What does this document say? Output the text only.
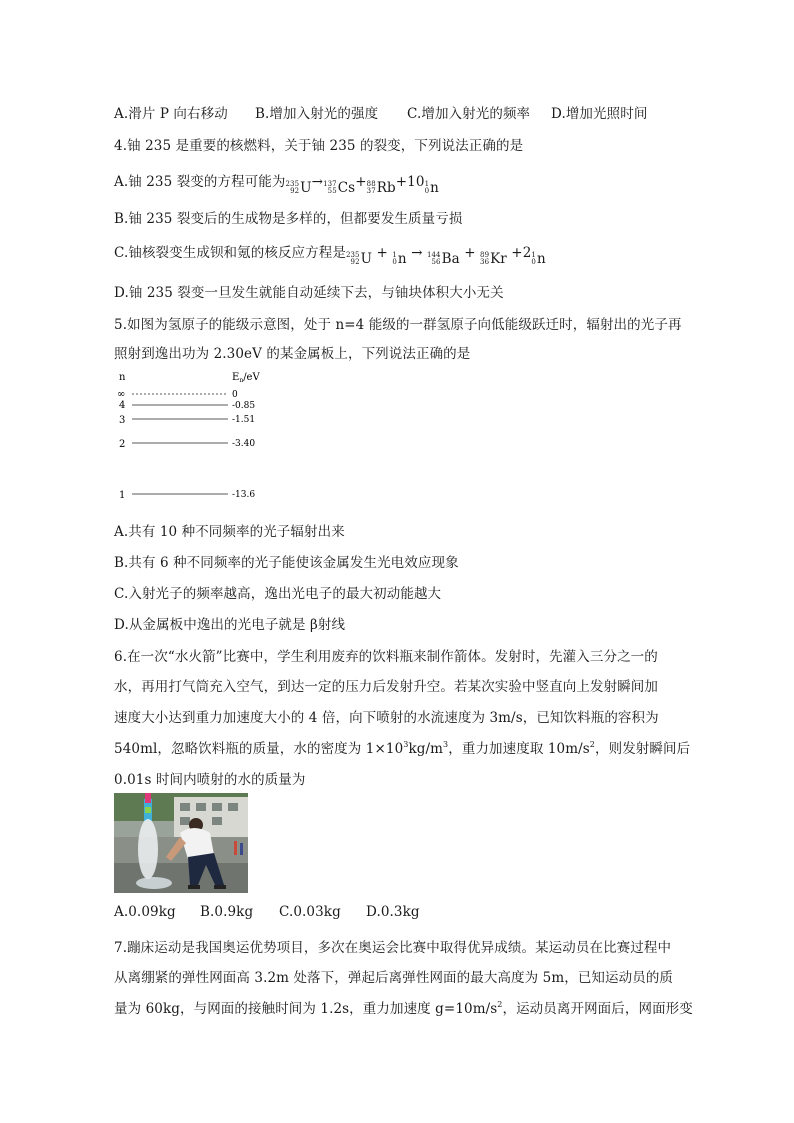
A.滑片 P 向右移动 B.增加入射光的强度 C.增加入射光的频率 D.增加光照时间
4.铀 235 是重要的核燃料，关于铀 235 的裂变，下列说法正确的是
A.铀 235 裂变的方程可能为 235
92 U → 137
55 Cs + 88
37 Rb +10 1
0 n
B.铀 235 裂变后的生成物是多样的，但都要发生质量亏损
C.铀核裂变生成钡和氪的核反应方程是 235
92 U + 1
0 n → 144
56 Ba + 89
36 Kr +2 1
0 n
D.铀 235 裂变一旦发生就能自动延续下去，与铀块体积大小无关
5.如图为氢原子的能级示意图，处于 n=4 能级的一群氢原子向低能级跃迁时，辐射出的光子再
照射到逸出功为 2.30eV 的某金属板上，下列说法正确的是
n	$E_n/eV$
∞	0
4	-0.85
3	-1.51
2	-3.40
1	-13.6
A.共有 10 种不同频率的光子辐射出来
B.共有 6 种不同频率的光子能使该金属发生光电效应现象
C.入射光子的频率越高，逸出光电子的最大初动能越大
D.从金属板中逸出的光电子就是 β射线
6.在一次“水火箭”比赛中，学生利用废弃的饮料瓶来制作箭体。发射时，先灌入三分之一的
水，再用打气筒充入空气，到达一定的压力后发射升空。若某次实验中竖直向上发射瞬间加
速度大小达到重力加速度大小的 4 倍，向下喷射的水流速度为 3m/s，已知饮料瓶的容积为
540ml，忽略饮料瓶的质量，水的密度为 $1\times 10^3kg/m^3$，重力加速度取 $10m/s^2$，则发射瞬间后
0.01s 时间内喷射的水的质量为
A.0.09kg B.0.9kg C.0.03kg D.0.3kg
7.蹦床运动是我国奥运优势项目，多次在奥运会比赛中取得优异成绩。某运动员在比赛过程中
从离绷紧的弹性网面高 3.2m 处落下，弹起后离弹性网面的最大高度为 5m，已知运动员的质
量为 60kg，与网面的接触时间为 1.2s，重力加速度 $g=10m/s^2$，运动员离开网面后，网面形变
